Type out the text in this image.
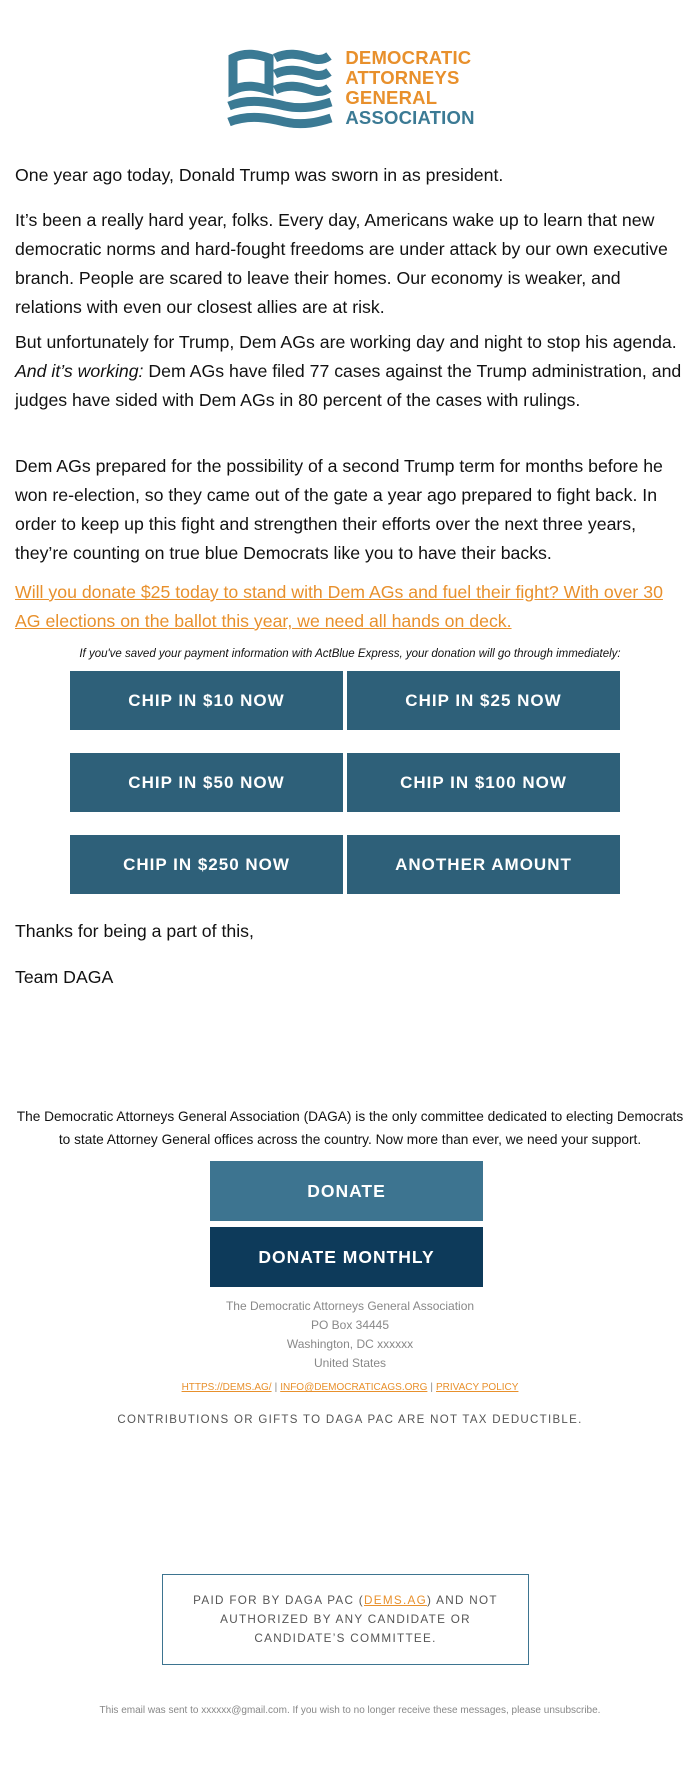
DEMOCRATIC
ATTORNEYS
GENERAL
ASSOCIATION

One year ago today, Donald Trump was sworn in as president.

It’s been a really hard year, folks. Every day, Americans wake up to learn that new democratic norms and hard-fought freedoms are under attack by our own executive branch. People are scared to leave their homes. Our economy is weaker, and relations with even our closest allies are at risk.

But unfortunately for Trump, Dem AGs are working day and night to stop his agenda. And it’s working: Dem AGs have filed 77 cases against the Trump administration, and judges have sided with Dem AGs in 80 percent of the cases with rulings.

Dem AGs prepared for the possibility of a second Trump term for months before he won re-election, so they came out of the gate a year ago prepared to fight back. In order to keep up this fight and strengthen their efforts over the next three years, they’re counting on true blue Democrats like you to have their backs.

Will you donate $25 today to stand with Dem AGs and fuel their fight? With over 30 AG elections on the ballot this year, we need all hands on deck.
If you've saved your payment information with ActBlue Express, your donation will go through immediately:
CHIP IN $10 NOW	CHIP IN $25 NOW
CHIP IN $50 NOW	CHIP IN $100 NOW
CHIP IN $250 NOW	ANOTHER AMOUNT
Thanks for being a part of this,
Team DAGA
The Democratic Attorneys General Association (DAGA) is the only committee dedicated to electing Democrats to state Attorney General offices across the country. Now more than ever, we need your support.
DONATE
DONATE MONTHLY
The Democratic Attorneys General Association
PO Box 34445
Washington, DC xxxxxx
United States
HTTPS://DEMS.AG/ | INFO@DEMOCRATICAGS.ORG | PRIVACY POLICY
CONTRIBUTIONS OR GIFTS TO DAGA PAC ARE NOT TAX DEDUCTIBLE.
PAID FOR BY DAGA PAC (DEMS.AG) AND NOT AUTHORIZED BY ANY CANDIDATE OR CANDIDATE’S COMMITTEE.
This email was sent to xxxxxx@gmail.com. If you wish to no longer receive these messages, please unsubscribe.
